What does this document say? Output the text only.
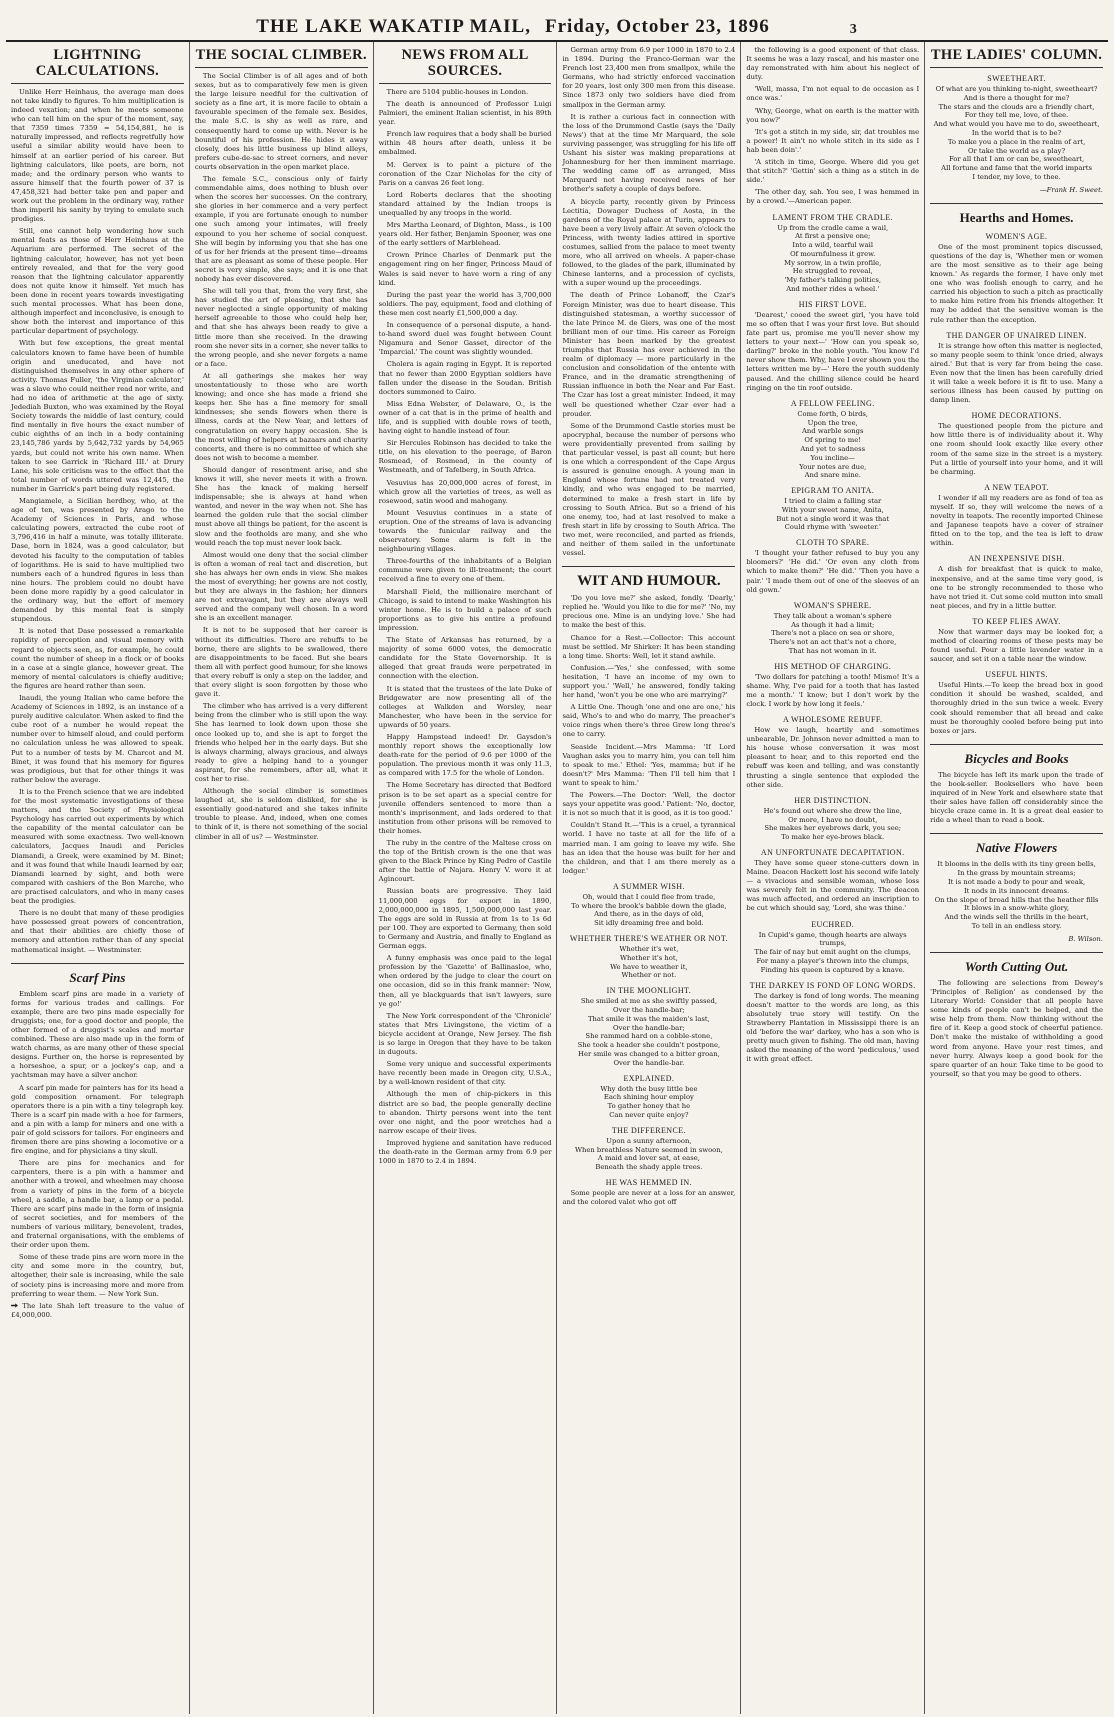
THE LAKE WAKATIP MAIL, Friday, October 23, 1896	3
LIGHTNING CALCULATIONS.

Unlike Herr Heinhaus, the average man does not take kindly to figures. To him multiplication is indeed vexation; and when he meets someone who can tell him on the spur of the moment, say, that 7359 times 7359 = 54,154,881, he is naturally impressed, and reflects regretfully how useful a similar ability would have been to himself at an earlier period of his career. But lightning calculators, like poets, are born, not made; and the ordinary person who wants to assure himself that the fourth power of 37 is 47,458,321 had better take pen and paper and work out the problem in the ordinary way, rather than imperil his sanity by trying to emulate such prodigies.

Still, one cannot help wondering how such mental feats as those of Herr Heinhaus at the Aquarium are performed. The secret of the lightning calculator, however, has not yet been entirely revealed, and that for the very good reason that the lightning calculator apparently does not quite know it himself. Yet much has been done in recent years towards investigating such mental processes. What has been done, although imperfect and inconclusive, is enough to show both the interest and importance of this particular department of psychology.

With but few exceptions, the great mental calculators known to fame have been of humble origin and uneducated, and have not distinguished themselves in any other sphere of activity. Thomas Fuller, 'the Virginian calculator,' was a slave who could neither read nor write, and had no idea of arithmetic at the age of sixty. Jedediah Buxton, who was examined by the Royal Society towards the middle of last century, could find mentally in five hours the exact number of cubic eighths of an inch in a body containing 23,145,786 yards by 5,642,732 yards by 54,965 yards, but could not write his own name. When taken to see Garrick in 'Richard III.' at Drury Lane, his sole criticism was to the effect that the total number of words uttered was 12,445, the number in Garrick's part being duly registered.

Mangiamele, a Sicilian herdboy, who, at the age of ten, was presented by Arago to the Academy of Sciences in Paris, and whose calculating powers, extracted the cube root of 3,796,416 in half a minute, was totally illiterate. Dase, born in 1824, was a good calculator, but devoted his faculty to the computation of tables of logarithms. He is said to have multiplied two numbers each of a hundred figures in less than nine hours. The problem could no doubt have been done more rapidly by a good calculator in the ordinary way, but the effort of memory demanded by this mental feat is simply stupendous.

It is noted that Dase possessed a remarkable rapidity of perception and visual memory with regard to objects seen, as, for example, he could count the number of sheep in a flock or of books in a case at a single glance, however great. The memory of mental calculators is chiefly auditive; the figures are heard rather than seen.

Inaudi, the young Italian who came before the Academy of Sciences in 1892, is an instance of a purely auditive calculator. When asked to find the cube root of a number he would repeat the number over to himself aloud, and could perform no calculation unless he was allowed to speak. Put to a number of tests by M. Charcot and M. Binet, it was found that his memory for figures was prodigious, but that for other things it was rather below the average.

It is to the French science that we are indebted for the most systematic investigations of these matters, and the Society of Physiological Psychology has carried out experiments by which the capability of the mental calculator can be measured with some exactness. Two well-known calculators, Jacques Inaudi and Pericles Diamandi, a Greek, were examined by M. Binet; and it was found that while Inaudi learned by ear, Diamandi learned by sight, and both were compared with cashiers of the Bon Marche, who are practised calculators, and who in many cases beat the prodigies.

There is no doubt that many of these prodigies have possessed great powers of concentration, and that their abilities are chiefly those of memory and attention rather than of any special mathematical insight. — Westminster.

Scarf Pins

Emblem scarf pins are made in a variety of forms for various trades and callings. For example, there are two pins made especially for druggists; one, for a good doctor and people, the other formed of a druggist's scales and mortar combined. These are also made up in the form of watch charms, as are many other of these special designs. Further on, the horse is represented by a horseshoe, a spur, or a jockey's cap, and a yachtsman may have a silver anchor.

A scarf pin made for painters has for its head a gold composition ornament. For telegraph operators there is a pin with a tiny telegraph key. There is a scarf pin made with a hoe for farmers, and a pin with a lamp for miners and one with a pair of gold scissors for tailors. For engineers and firemen there are pins showing a locomotive or a fire engine, and for physicians a tiny skull.

There are pins for mechanics and for carpenters, there is a pin with a hammer and another with a trowel, and wheelmen may choose from a variety of pins in the form of a bicycle wheel, a saddle, a handle bar, a lamp or a pedal. There are scarf pins made in the form of insignia of secret societies, and for members of the numbers of various military, benevolent, trades, and fraternal organisations, with the emblems of their order upon them.

Some of these trade pins are worn more in the city and some more in the country, but, altogether, their sale is increasing, while the sale of society pins is increasing more and more from preferring to wear them. — New York Sun.

The late Shah left treasure to the value of £4,000,000.

THE SOCIAL CLIMBER.

The Social Climber is of all ages and of both sexes, but as to comparatively few men is given the large leisure needful for the cultivation of society as a fine art, it is more facile to obtain a favourable specimen of the female sex. Besides, the male S.C. is shy as well as rare, and consequently hard to come up with. Never is he bountiful of his profession. He hides it away closely, does his little business up blind alleys, prefers cube-de-sac to street corners, and never courts observation in the open market place.

The female S.C., conscious only of fairly commendable aims, does nothing to blush over when the scores her successes. On the contrary, she glories in her commerce and a very perfect example, if you are fortunate enough to number one such among your intimates, will freely expound to you her scheme of social conquest. She will begin by informing you that she has one of us for her friends at the present time—dreams that are as pleasant as some of these people. Her secret is very simple, she says; and it is one that nobody has ever discovered.

She will tell you that, from the very first, she has studied the art of pleasing, that she has never neglected a single opportunity of making herself agreeable to those who could help her, and that she has always been ready to give a little more than she received. In the drawing room she never sits in a corner, she never talks to the wrong people, and she never forgets a name or a face.

At all gatherings she makes her way unostentatiously to those who are worth knowing; and once she has made a friend she keeps her. She has a fine memory for small kindnesses; she sends flowers when there is illness, cards at the New Year, and letters of congratulation on every happy occasion. She is the most willing of helpers at bazaars and charity concerts, and there is no committee of which she does not wish to become a member.

Should danger of resentment arise, and she knows it will, she never meets it with a frown. She has the knack of making herself indispensable; she is always at hand when wanted, and never in the way when not. She has learned the golden rule that the social climber must above all things be patient, for the ascent is slow and the footholds are many, and she who would reach the top must never look back.

Almost would one deny that the social climber is often a woman of real tact and discretion, but she has always her own ends in view. She makes the most of everything; her gowns are not costly, but they are always in the fashion; her dinners are not extravagant, but they are always well served and the company well chosen. In a word she is an excellent manager.

It is not to be supposed that her career is without its difficulties. There are rebuffs to be borne, there are slights to be swallowed, there are disappointments to be faced. But she bears them all with perfect good humour, for she knows that every rebuff is only a step on the ladder, and that every slight is soon forgotten by those who gave it.

The climber who has arrived is a very different being from the climber who is still upon the way. She has learned to look down upon those she once looked up to, and she is apt to forget the friends who helped her in the early days. But she is always charming, always gracious, and always ready to give a helping hand to a younger aspirant, for she remembers, after all, what it cost her to rise.

Although the social climber is sometimes laughed at, she is seldom disliked, for she is essentially good-natured and she takes infinite trouble to please. And, indeed, when one comes to think of it, is there not something of the social climber in all of us? — Westminster.

NEWS FROM ALL SOURCES.

There are 5104 public-houses in London.

The death is announced of Professor Luigi Palmieri, the eminent Italian scientist, in his 89th year.

French law requires that a body shall be buried within 48 hours after death, unless it be embalmed.

M. Gervex is to paint a picture of the coronation of the Czar Nicholas for the city of Paris on a canvas 26 feet long.

Lord Roberts declares that the shooting standard attained by the Indian troops is unequalled by any troops in the world.

Mrs Martha Leonard, of Dighton, Mass., is 100 years old. Her father, Benjamin Spooner, was one of the early settlers of Marblehead.

Crown Prince Charles of Denmark put the engagement ring on her finger, Princess Maud of Wales is said never to have worn a ring of any kind.

During the past year the world has 3,700,000 soldiers. The pay, equipment, food and clothing of these men cost nearly £1,500,000 a day.

In consequence of a personal dispute, a hand-to-hand sword duel was fought between Count Nigamura and Senor Gasset, director of the 'Imparcial.' The count was slightly wounded.

Cholera is again raging in Egypt. It is reported that no fewer than 2000 Egyptian soldiers have fallen under the disease in the Soudan. British doctors summoned to Cairo.

Miss Edna Webster, of Delaware, O., is the owner of a cat that is in the prime of health and life, and is supplied with double rows of teeth, having eight to handle instead of four.

Sir Hercules Robinson has decided to take the title, on his elevation to the peerage, of Baron Rosmead, of Rosmead, in the county of Westmeath, and of Tafelberg, in South Africa.

Vesuvius has 20,000,000 acres of forest, in which grow all the varieties of trees, as well as rosewood, satin wood and mahogany.

Mount Vesuvius continues in a state of eruption. One of the streams of lava is advancing towards the funicular railway and the observatory. Some alarm is felt in the neighbouring villages.

Three-fourths of the inhabitants of a Belgian commune were given to ill-treatment; the court received a fine to every one of them.

Marshall Field, the millionaire merchant of Chicago, is said to intend to make Washington his winter home. He is to build a palace of such proportions as to give his entire a profound impression.

The State of Arkansas has returned, by a majority of some 6000 votes, the democratic candidate for the State Governorship. It is alleged that great frauds were perpetrated in connection with the election.

It is stated that the trustees of the late Duke of Bridgewater are now presenting all of the colleges at Walkden and Worsley, near Manchester, who have been in the service for upwards of 50 years.

Happy Hampstead indeed! Dr. Gaysdon's monthly report shows the exceptionally low death-rate for the period of 9.6 per 1000 of the population. The previous month it was only 11.3, as compared with 17.5 for the whole of London.

The Home Secretary has directed that Bedford prison is to be set apart as a special centre for juvenile offenders sentenced to more than a month's imprisonment, and lads ordered to that institution from other prisons will be removed to their homes.

The ruby in the centre of the Maltese cross on the top of the British crown is the one that was given to the Black Prince by King Pedro of Castile after the battle of Najara. Henry V. wore it at Agincourt.

Russian boats are progressive. They laid 11,000,000 eggs for export in 1890, 2,000,000,000 in 1895, 1,500,000,000 last year. The eggs are sold in Russia at from 1s to 1s 6d per 100. They are exported to Germany, then sold to Germany and Austria, and finally to England as German eggs.

A funny emphasis was once paid to the legal profession by the 'Gazette' of Ballinasloe, who, when ordered by the judge to clear the court on one occasion, did so in this frank manner: 'Now, then, all ye blackguards that isn't lawyers, sure ye go!'

The New York correspondent of the 'Chronicle' states that Mrs Livingstone, the victim of a bicycle accident at Orange, New Jersey. The fish is so large in Oregon that they have to be taken in dugouts.

Some very unique and successful experiments have recently been made in Oregon city, U.S.A., by a well-known resident of that city.

Although the men of chip-pickers in this district are so bad, the people generally decline to abandon. Thirty persons went into the tent over one night, and the poor wretches had a narrow escape of their lives.

Improved hygiene and sanitation have reduced the death-rate in the German army from 6.9 per 1000 in 1870 to 2.4 in 1894.

German army from 6.9 per 1000 in 1870 to 2.4 in 1894. During the Franco-German war the French lost 23,400 men from smallpox, while the Germans, who had strictly enforced vaccination for 20 years, lost only 300 men from this disease. Since 1873 only two soldiers have died from smallpox in the German army.

It is rather a curious fact in connection with the loss of the Drummond Castle (says the 'Daily News') that at the time Mr Marquard, the sole surviving passenger, was struggling for his life off Ushant his sister was making preparations at Johannesburg for her then imminent marriage. The wedding came off as arranged, Miss Marquard not having received news of her brother's safety a couple of days before.

A bicycle party, recently given by Princess Lectitia, Dowager Duchess of Aosta, in the gardens of the Royal palace at Turin, appears to have been a very lively affair. At seven o'clock the Princess, with twenty ladies attired in sportive costumes, sallied from the palace to meet twenty more, who all arrived on wheels. A paper-chase followed, to the glades of the park, illuminated by Chinese lanterns, and a procession of cyclists, with a super wound up the proceedings.

The death of Prince Lobanoff, the Czar's Foreign Minister, was due to heart disease. This distinguished statesman, a worthy successor of the late Prince M. de Giers, was one of the most brilliant men of our time. His career as Foreign Minister has been marked by the greatest triumphs that Russia has ever achieved in the realm of diplomacy — more particularly in the conclusion and consolidation of the entente with France, and in the dramatic strengthening of Russian influence in both the Near and Far East. The Czar has lost a great minister. Indeed, it may well be questioned whether Czar ever had a prouder.

Some of the Drummond Castle stories must be apocryphal, because the number of persons who were providentially prevented from sailing by that particular vessel, is past all count; but here is one which a correspondent of the Cape Argus is assured is genuine enough. A young man in England whose fortune had not treated very kindly, and who was engaged to be married, determined to make a fresh start in life by crossing to South Africa. But so a friend of his one enemy, too, had at last resolved to make a fresh start in life by crossing to South Africa. The two met, were reconciled, and parted as friends, and neither of them sailed in the unfortunate vessel.

WIT AND HUMOUR.

'Do you love me?' she asked, fondly. 'Dearly,' replied he. 'Would you like to die for me?' 'No, my precious one. Mine is an undying love.' She had to make the best of this.

Chance for a Rest.—Collector: This account must be settled. Mr Shirker: It has been standing a long time. Shorts: Well, let it stand awhile.

Confusion.—'Yes,' she confessed, with some hesitation, 'I have an income of my own to support you.' 'Well,' he answered, fondly taking her hand, 'won't you be one who are marrying?'

A Little One. Though 'one and one are one,' his said, Who's to and who do marry, The preacher's voice rings when there's three Grew long three's one to carry.

Seaside Incident.—Mrs Mamma: 'If Lord Vaughan asks you to marry him, you can tell him to speak to me.' Ethel: 'Yes, mamma; but if he doesn't?' Mrs Mamma: 'Then I'll tell him that I want to speak to him.'

The Powers.—The Doctor: 'Well, the doctor says your appetite was good.' Patient: 'No, doctor, it is not so much that it is good, as it is too good.'

Couldn't Stand It.—'This is a cruel, a tyrannical world. I have no taste at all for the life of a married man. I am going to leave my wife. She has an idea that the house was built for her and the children, and that I am there merely as a lodger.'

A SUMMER WISH.

Oh, would that I could flee from trade,

To where the brook's babble down the glade,

And there, as in the days of old,

Sit idly dreaming free and bold.

WHETHER THERE'S WEATHER OR NOT.

Whether it's wet,

Whether it's hot,

We have to weather it,

Whether or not.

IN THE MOONLIGHT.

She smiled at me as she swiftly passed,

Over the handle-bar;

That smile it was the maiden's last,

Over the handle-bar;

She rammed hard on a cobble-stone,

She took a header she couldn't postpone,

Her smile was changed to a bitter groan,

Over the handle-bar.

EXPLAINED.

Why doth the busy little bee

Each shining hour employ

To gather honey that he

Can never quite enjoy?

THE DIFFERENCE.

Upon a sunny afternoon,

When breathless Nature seemed in swoon,

A maid and lover sat, at ease,

Beneath the shady apple trees.

HE WAS HEMMED IN.

Some people are never at a loss for an answer, and the colored valet who got off

the following is a good exponent of that class. It seems he was a lazy rascal, and his master one day remonstrated with him about his neglect of duty.

'Well, massa, I'm not equal to de occasion as I once was.'

'Why, George, what on earth is the matter with you now?'

'It's got a stitch in my side, sir, dat troubles me a power! It ain't no whole stitch in its side as I hab been doin'.'

'A stitch in time, George. Where did you get that stitch?' 'Gettin' sich a thing as a stitch in de side.'

'The other day, sah. You see, I was hemmed in by a crowd.'—American paper.

LAMENT FROM THE CRADLE.

Up from the cradle came a wail,

At first a pensive one;

Into a wild, tearful wail

Of mournfulness it grew.

My sorrow, in a twin profile,

He struggled to reveal,

'My father's talking politics,

And mother rides a wheel.'

HIS FIRST LOVE.

'Dearest,' cooed the sweet girl, 'you have told me so often that I was your first love. But should fate part us, promise me you'll never show my letters to your next—' 'How can you speak so, darling?' broke in the noble youth. 'You know I'd never show them. Why, have I ever shown you the letters written me by—' Here the youth suddenly paused. And the chilling silence could be heard ringing on the tin roof outside.

A FELLOW FEELING.

Come forth, O birds,

Upon the tree,

And warble songs

Of spring to me!

And yet to sadness

You incline—

Your notes are due,

And snare mine.

EPIGRAM TO ANITA.

I tried to claim a falling star

With your sweet name, Anita,

But not a single word it was that

Could rhyme with 'sweeter.'

CLOTH TO SPARE.

'I thought your father refused to buy you any bloomers?' 'He did.' 'Or even any cloth from which to make them?' 'He did.' 'Then you have a pair.' 'I made them out of one of the sleeves of an old gown.'

WOMAN'S SPHERE.

They talk about a woman's sphere

As though it had a limit;

There's not a place on sea or shore,

There's not an act that's not a chore,

That has not woman in it.

HIS METHOD OF CHARGING.

'Two dollars for patching a tooth! Mismo! It's a shame. Why, I've paid for a tooth that has lasted me a month.' 'I know; but I don't work by the clock. I work by how long it feels.'

A WHOLESOME REBUFF.

How we laugh, heartily and sometimes unbearable, Dr. Johnson never admitted a man to his house whose conversation it was most pleasant to hear, and to this reported end the rebuff was keen and telling, and was constantly thrusting a single sentence that exploded the other side.

HER DISTINCTION.

He's found out where she drew the line,

Or more, I have no doubt,

She makes her eyebrows dark, you see;

To make her eye-brows black.

AN UNFORTUNATE DECAPITATION.

They have some queer stone-cutters down in Maine. Deacon Hackett lost his second wife lately — a vivacious and sensible woman, whose loss was severely felt in the community. The deacon was much affected, and ordered an inscription to be cut which should say, 'Lord, she was thine.'

EUCHRED.

In Cupid's game, though hearts are always trumps,

The fair of nay but emit aught on the clumps,

For many a player's thrown into the clumps,

Finding his queen is captured by a knave.

THE DARKEY IS FOND OF LONG WORDS.

The darkey is fond of long words. The meaning doesn't matter to the words are long, as this absolutely true story will testify. On the Strawberry Plantation in Mississippi there is an old 'before the war' darkey, who has a son who is pretty much given to fishing. The old man, having asked the meaning of the word 'pediculous,' used it with great effect.

THE LADIES' COLUMN.
SWEETHEART.

Of what are you thinking to-night, sweetheart?

And is there a thought for me?

The stars and the clouds are a friendly chart,

For they tell me, love, of thee.

And what would you have me to do, sweetheart,

In the world that is to be?

To make you a place in the realm of art,

Or take the world as a play?

For all that I am or can be, sweetheart,

All fortune and fame that the world imparts

I tender, my love, to thee.

—Frank H. Sweet.

Hearths and Homes.
WOMEN'S AGE.

One of the most prominent topics discussed, questions of the day is, 'Whether men or women are the most sensitive as to their age being known.' As regards the former, I have only met one who was foolish enough to carry, and he carried his objection to such a pitch as practically to make him retire from his friends altogether. It may be added that the sensitive woman is the rule rather than the exception.

THE DANGER OF UNAIRED LINEN.

It is strange how often this matter is neglected, so many people seem to think 'once dried, always aired.' But that is very far from being the case. Even now that the linen has been carefully dried it will take a week before it is fit to use. Many a serious illness has been caused by putting on damp linen.

HOME DECORATIONS.

The questioned people from the picture and how little there is of individuality about it. Why one room should look exactly like every other room of the same size in the street is a mystery. Put a little of yourself into your home, and it will be charming.

A NEW TEAPOT.

I wonder if all my readers are as fond of tea as myself. If so, they will welcome the news of a novelty in teapots. The recently imported Chinese and Japanese teapots have a cover of strainer fitted on to the top, and the tea is left to draw within.

AN INEXPENSIVE DISH.

A dish for breakfast that is quick to make, inexpensive, and at the same time very good, is one to be strongly recommended to those who have not tried it. Cut some cold mutton into small neat pieces, and fry in a little butter.

TO KEEP FLIES AWAY.

Now that warmer days may be looked for, a method of clearing rooms of these pests may be found useful. Pour a little lavender water in a saucer, and set it on a table near the window.

USEFUL HINTS.

Useful Hints.—To keep the bread box in good condition it should be washed, scalded, and thoroughly dried in the sun twice a week. Every cook should remember that all bread and cake must be thoroughly cooled before being put into boxes or jars.

Bicycles and Books

The bicycle has left its mark upon the trade of the book-seller. Booksellers who have been inquired of in New York and elsewhere state that their sales have fallen off considerably since the bicycle craze came in. It is a great deal easier to ride a wheel than to read a book.

Native Flowers

It blooms in the dells with its tiny green bells,

In the grass by mountain streams;

It is not made a body to pour and weak,

It nods in its innocent dreams.

On the slope of broad hills that the heather fills

It blows in a snow-white glory,

And the winds sell the thrills in the heart,

To tell in an endless story.

B. Wilson.

Worth Cutting Out.

The following are selections from Dewey's 'Principles of Religion' as condensed by the Literary World: Consider that all people have some kinds of people can't be helped, and the wise help from them. Now thinking without the fire of it. Keep a good stock of cheerful patience. Don't make the mistake of withholding a good word from anyone. Have your rest times, and never hurry. Always keep a good book for the spare quarter of an hour. Take time to be good to yourself, so that you may be good to others.
